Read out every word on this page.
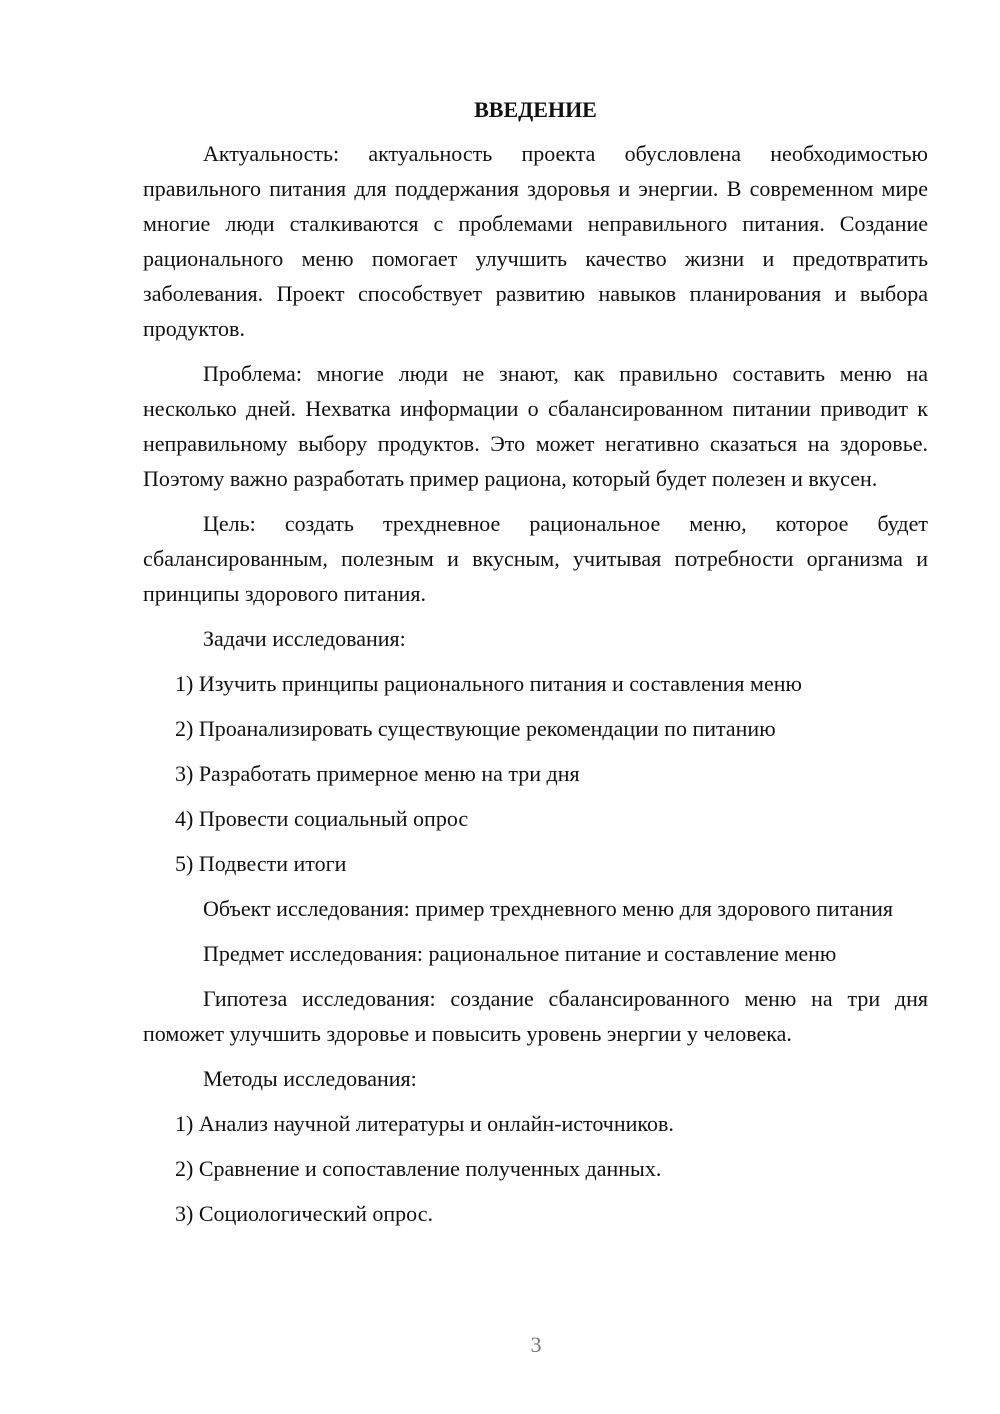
ВВЕДЕНИЕ

Актуальность: актуальность проекта обусловлена необходимостью правильного питания для поддержания здоровья и энергии. В современном мире многие люди сталкиваются с проблемами неправильного питания. Создание рационального меню помогает улучшить качество жизни и предотвратить заболевания. Проект способствует развитию навыков планирования и выбора продуктов.

Проблема: многие люди не знают, как правильно составить меню на несколько дней. Нехватка информации о сбалансированном питании приводит к неправильному выбору продуктов. Это может негативно сказаться на здоровье. Поэтому важно разработать пример рациона, который будет полезен и вкусен.

Цель: создать трехдневное рациональное меню, которое будет сбалансированным, полезным и вкусным, учитывая потребности организма и принципы здорового питания.

Задачи исследования:

1) Изучить принципы рационального питания и составления меню

2) Проанализировать существующие рекомендации по питанию

3) Разработать примерное меню на три дня

4) Провести социальный опрос

5) Подвести итоги

Объект исследования: пример трехдневного меню для здорового питания

Предмет исследования: рациональное питание и составление меню

Гипотеза исследования: создание сбалансированного меню на три дня поможет улучшить здоровье и повысить уровень энергии у человека.

Методы исследования:

1) Анализ научной литературы и онлайн-источников.

2) Сравнение и сопоставление полученных данных.

3) Социологический опрос.

3
